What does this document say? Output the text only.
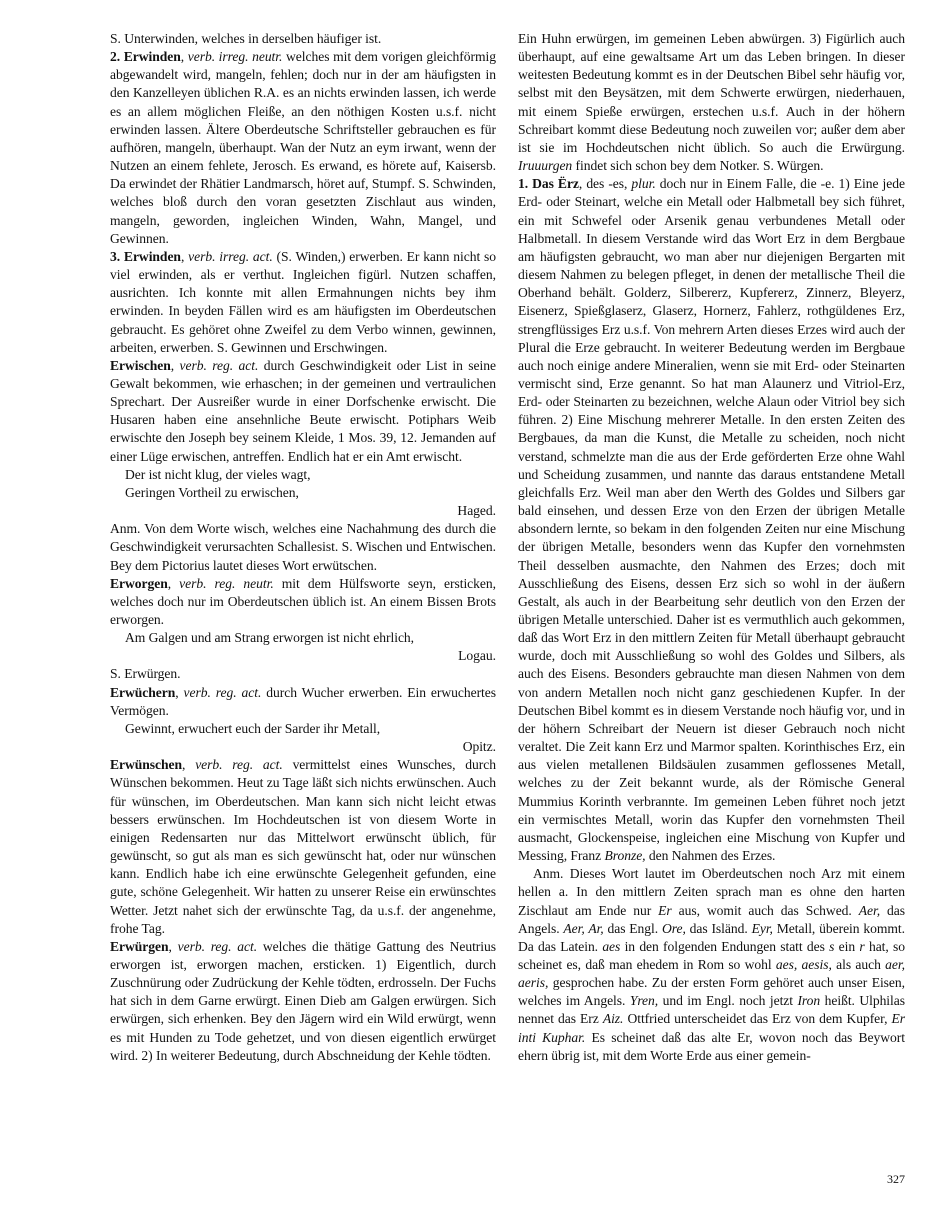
S. Unterwinden, welches in derselben häufiger ist.

2. Erwinden, verb. irreg. neutr. welches mit dem vorigen gleichförmig abgewandelt wird, mangeln, fehlen; doch nur in der am häufigsten in den Kanzelleyen üblichen R.A. es an nichts erwinden lassen, ich werde es an allem möglichen Fleiße, an den nöthigen Kosten u.s.f. nicht erwinden lassen. Ältere Oberdeutsche Schriftsteller gebrauchen es für aufhören, mangeln, überhaupt. Wan der Nutz an eym irwant, wenn der Nutzen an einem fehlete, Jerosch. Es erwand, es hörete auf, Kaisersb. Da erwindet der Rhätier Landmarsch, höret auf, Stumpf. S. Schwinden, welches bloß durch den voran gesetzten Zischlaut aus winden, mangeln, geworden, ingleichen Winden, Wahn, Mangel, und Gewinnen.

3. Erwinden, verb. irreg. act. (S. Winden,) erwerben. Er kann nicht so viel erwinden, als er verthut. Ingleichen figürl. Nutzen schaffen, ausrichten. Ich konnte mit allen Ermahnungen nichts bey ihm erwinden. In beyden Fällen wird es am häufigsten im Oberdeutschen gebraucht. Es gehöret ohne Zweifel zu dem Verbo winnen, gewinnen, arbeiten, erwerben. S. Gewinnen und Erschwingen.

Erwischen, verb. reg. act. durch Geschwindigkeit oder List in seine Gewalt bekommen, wie erhaschen; in der gemeinen und vertraulichen Sprechart. Der Ausreißer wurde in einer Dorfschenke erwischt. Die Husaren haben eine ansehnliche Beute erwischt. Potiphars Weib erwischte den Joseph bey seinem Kleide, 1 Mos. 39, 12. Jemanden auf einer Lüge erwischen, antreffen. Endlich hat er ein Amt erwischt.

Der ist nicht klug, der vieles wagt,

Geringen Vortheil zu erwischen,

Haged.

Anm. Von dem Worte wisch, welches eine Nachahmung des durch die Geschwindigkeit verursachten Schallesist. S. Wischen und Entwischen. Bey dem Pictorius lautet dieses Wort erwütschen.

Erworgen, verb. reg. neutr. mit dem Hülfsworte seyn, ersticken, welches doch nur im Oberdeutschen üblich ist. An einem Bissen Brots erworgen.

Am Galgen und am Strang erworgen ist nicht ehrlich,

Logau.

S. Erwürgen.

Erwüchern, verb. reg. act. durch Wucher erwerben. Ein erwuchertes Vermögen.

Gewinnt, erwuchert euch der Sarder ihr Metall,

Opitz.

Erwünschen, verb. reg. act. vermittelst eines Wunsches, durch Wünschen bekommen. Heut zu Tage läßt sich nichts erwünschen. Auch für wünschen, im Oberdeutschen. Man kann sich nicht leicht etwas bessers erwünschen. Im Hochdeutschen ist von diesem Worte in einigen Redensarten nur das Mittelwort erwünscht üblich, für gewünscht, so gut als man es sich gewünscht hat, oder nur wünschen kann. Endlich habe ich eine erwünschte Gelegenheit gefunden, eine gute, schöne Gelegenheit. Wir hatten zu unserer Reise ein erwünschtes Wetter. Jetzt nahet sich der erwünschte Tag, da u.s.f. der angenehme, frohe Tag.

Erwürgen, verb. reg. act. welches die thätige Gattung des Neutrius erworgen ist, erworgen machen, ersticken. 1) Eigentlich, durch Zuschnürung oder Zudrückung der Kehle tödten, erdrosseln. Der Fuchs hat sich in dem Garne erwürgt. Einen Dieb am Galgen erwürgen. Sich erwürgen, sich erhenken. Bey den Jägern wird ein Wild erwürgt, wenn es mit Hunden zu Tode gehetzet, und von diesen eigentlich erwürget wird. 2) In weiterer Bedeutung, durch Abschneidung der Kehle tödten.

Ein Huhn erwürgen, im gemeinen Leben abwürgen. 3) Figürlich auch überhaupt, auf eine gewaltsame Art um das Leben bringen. In dieser weitesten Bedeutung kommt es in der Deutschen Bibel sehr häufig vor, selbst mit den Beysätzen, mit dem Schwerte erwürgen, niederhauen, mit einem Spieße erwürgen, erstechen u.s.f. Auch in der höhern Schreibart kommt diese Bedeutung noch zuweilen vor; außer dem aber ist sie im Hochdeutschen nicht üblich. So auch die Erwürgung. Iruuurgen findet sich schon bey dem Notker. S. Würgen.

1. Das Ërz, des -es, plur. doch nur in Einem Falle, die -e. 1) Eine jede Erd- oder Steinart, welche ein Metall oder Halbmetall bey sich führet, ein mit Schwefel oder Arsenik genau verbundenes Metall oder Halbmetall. In diesem Verstande wird das Wort Erz in dem Bergbaue am häufigsten gebraucht, wo man aber nur diejenigen Bergarten mit diesem Nahmen zu belegen pfleget, in denen der metallische Theil die Oberhand behält. Golderz, Silbererz, Kupfererz, Zinnerz, Bleyerz, Eisenerz, Spießglaserz, Glaserz, Hornerz, Fahlerz, rothgüldenes Erz, strengflüssiges Erz u.s.f. Von mehrern Arten dieses Erzes wird auch der Plural die Erze gebraucht. In weiterer Bedeutung werden im Bergbaue auch noch einige andere Mineralien, wenn sie mit Erd- oder Steinarten vermischt sind, Erze genannt. So hat man Alaunerz und Vitriol-Erz, Erd- oder Steinarten zu bezeichnen, welche Alaun oder Vitriol bey sich führen. 2) Eine Mischung mehrerer Metalle. In den ersten Zeiten des Bergbaues, da man die Kunst, die Metalle zu scheiden, noch nicht verstand, schmelzte man die aus der Erde geförderten Erze ohne Wahl und Scheidung zusammen, und nannte das daraus entstandene Metall gleichfalls Erz. Weil man aber den Werth des Goldes und Silbers gar bald einsehen, und dessen Erze von den Erzen der übrigen Metalle absondern lernte, so bekam in den folgenden Zeiten nur eine Mischung der übrigen Metalle, besonders wenn das Kupfer den vornehmsten Theil desselben ausmachte, den Nahmen des Erzes; doch mit Ausschließung des Eisens, dessen Erz sich so wohl in der äußern Gestalt, als auch in der Bearbeitung sehr deutlich von den Erzen der übrigen Metalle unterschied. Daher ist es vermuthlich auch gekommen, daß das Wort Erz in den mittlern Zeiten für Metall überhaupt gebraucht wurde, doch mit Ausschließung so wohl des Goldes und Silbers, als auch des Eisens. Besonders gebrauchte man diesen Nahmen von dem von andern Metallen noch nicht ganz geschiedenen Kupfer. In der Deutschen Bibel kommt es in diesem Verstande noch häufig vor, und in der höhern Schreibart der Neuern ist dieser Gebrauch noch nicht veraltet. Die Zeit kann Erz und Marmor spalten. Korinthisches Erz, ein aus vielen metallenen Bildsäulen zusammen geflossenes Metall, welches zu der Zeit bekannt wurde, als der Römische General Mummius Korinth verbrannte. Im gemeinen Leben führet noch jetzt ein vermischtes Metall, worin das Kupfer den vornehmsten Theil ausmacht, Glockenspeise, ingleichen eine Mischung von Kupfer und Messing, Franz Bronze, den Nahmen des Erzes.

Anm. Dieses Wort lautet im Oberdeutschen noch Arz mit einem hellen a. In den mittlern Zeiten sprach man es ohne den harten Zischlaut am Ende nur Er aus, womit auch das Schwed. Aer, das Angels. Aer, Ar, das Engl. Ore, das Isländ. Eyr, Metall, überein kommt. Da das Latein. aes in den folgenden Endungen statt des s ein r hat, so scheinet es, daß man ehedem in Rom so wohl aes, aesis, als auch aer, aeris, gesprochen habe. Zu der ersten Form gehöret auch unser Eisen, welches im Angels. Yren, und im Engl. noch jetzt Iron heißt. Ulphilas nennet das Erz Aiz. Ottfried unterscheidet das Erz von dem Kupfer, Er inti Kuphar. Es scheinet daß das alte Er, wovon noch das Beywort ehern übrig ist, mit dem Worte Erde aus einer gemein-

327
